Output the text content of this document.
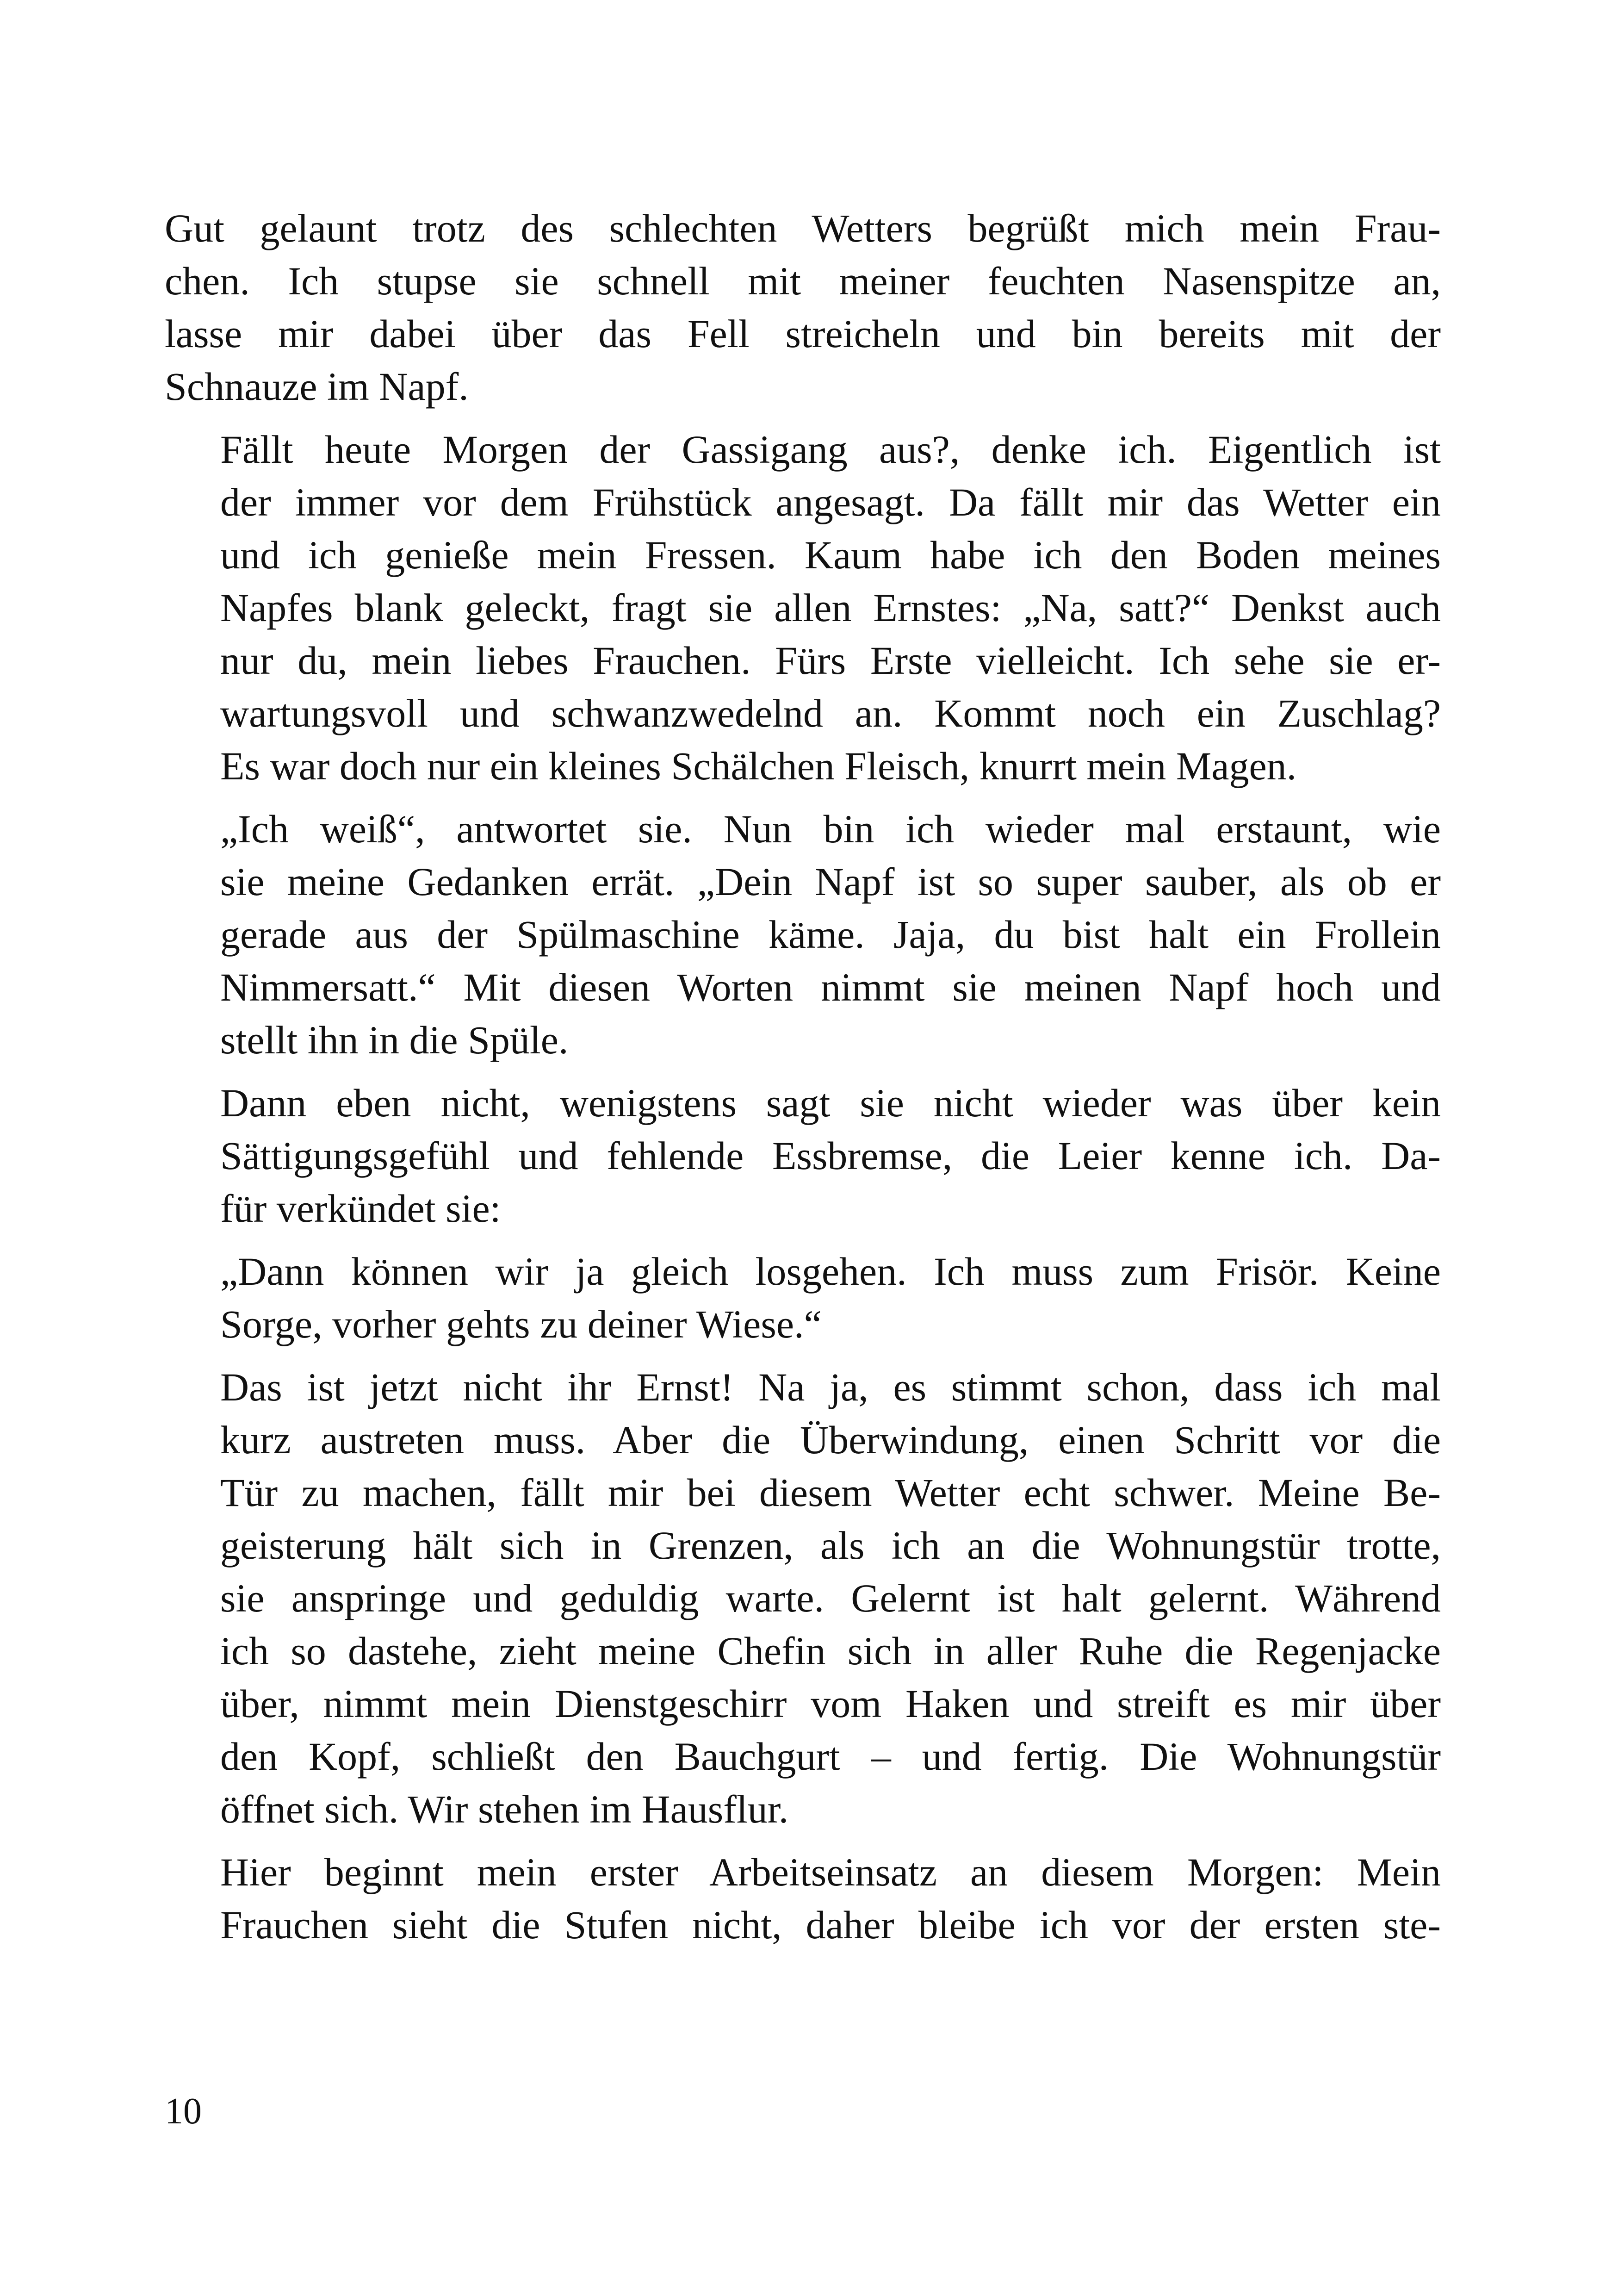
Gut gelaunt trotz des schlechten Wetters begrüßt mich mein Frau-
chen. Ich stupse sie schnell mit meiner feuchten Nasenspitze an,
lasse mir dabei über das Fell streicheln und bin bereits mit der
Schnauze im Napf.

Fällt heute Morgen der Gassigang aus?, denke ich. Eigentlich ist
der immer vor dem Frühstück angesagt. Da fällt mir das Wetter ein
und ich genieße mein Fressen. Kaum habe ich den Boden meines
Napfes blank geleckt, fragt sie allen Ernstes: „Na, satt?“ Denkst auch
nur du, mein liebes Frauchen. Fürs Erste vielleicht. Ich sehe sie er-
wartungsvoll und schwanzwedelnd an. Kommt noch ein Zuschlag?
Es war doch nur ein kleines Schälchen Fleisch, knurrt mein Magen.

„Ich weiß“, antwortet sie. Nun bin ich wieder mal erstaunt, wie
sie meine Gedanken errät. „Dein Napf ist so super sauber, als ob er
gerade aus der Spülmaschine käme. Jaja, du bist halt ein Frollein
Nimmersatt.“ Mit diesen Worten nimmt sie meinen Napf hoch und
stellt ihn in die Spüle.

Dann eben nicht, wenigstens sagt sie nicht wieder was über kein
Sättigungsgefühl und fehlende Essbremse, die Leier kenne ich. Da-
für verkündet sie:

„Dann können wir ja gleich losgehen. Ich muss zum Frisör. Keine
Sorge, vorher gehts zu deiner Wiese.“

Das ist jetzt nicht ihr Ernst! Na ja, es stimmt schon, dass ich mal
kurz austreten muss. Aber die Überwindung, einen Schritt vor die
Tür zu machen, fällt mir bei diesem Wetter echt schwer. Meine Be-
geisterung hält sich in Grenzen, als ich an die Wohnungstür trotte,
sie anspringe und geduldig warte. Gelernt ist halt gelernt. Während
ich so dastehe, zieht meine Chefin sich in aller Ruhe die Regenjacke
über, nimmt mein Dienstgeschirr vom Haken und streift es mir über
den Kopf, schließt den Bauchgurt – und fertig. Die Wohnungstür
öffnet sich. Wir stehen im Hausflur.

Hier beginnt mein erster Arbeitseinsatz an diesem Morgen: Mein
Frauchen sieht die Stufen nicht, daher bleibe ich vor der ersten ste-

10
